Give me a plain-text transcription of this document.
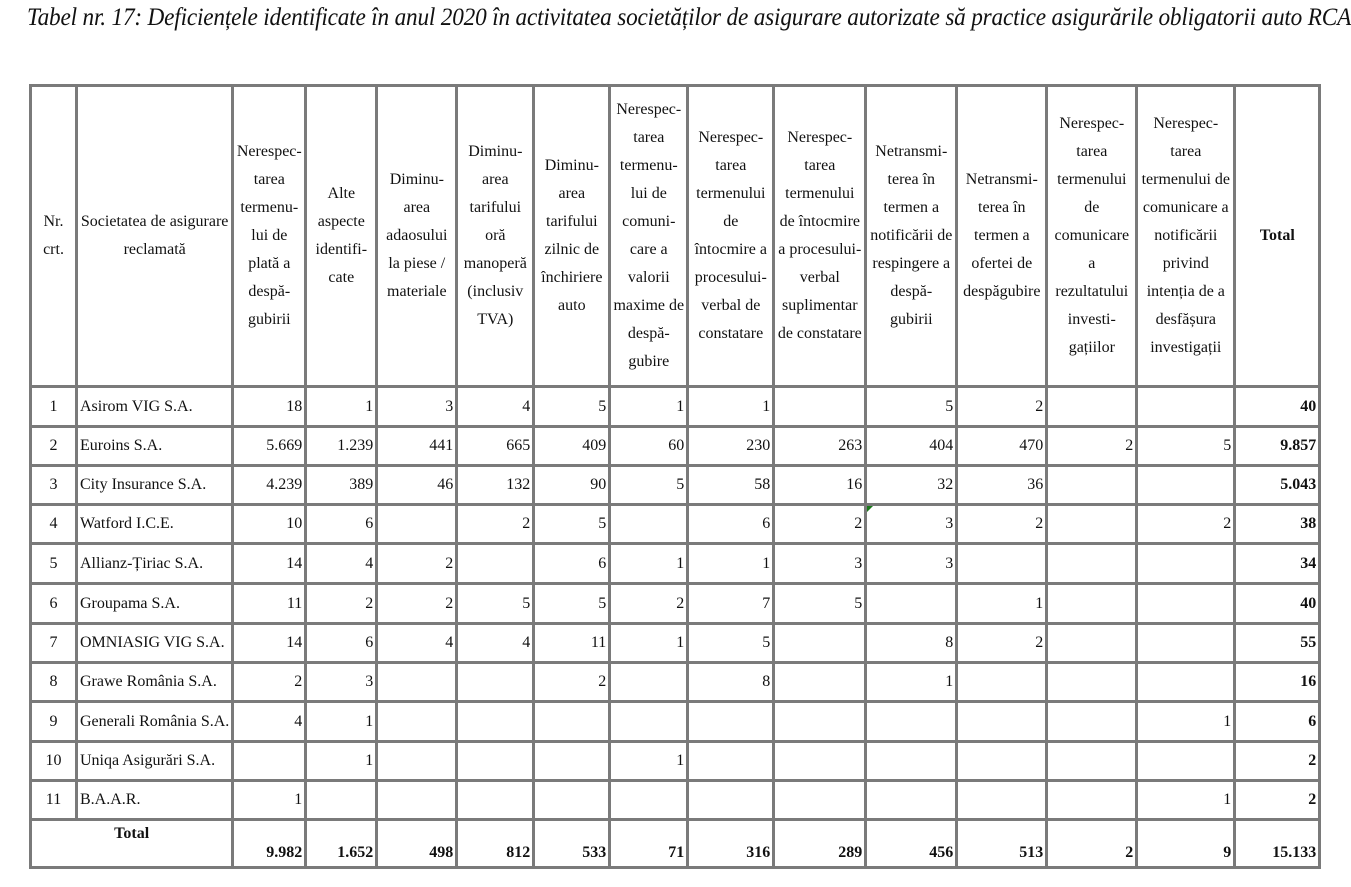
Tabel nr. 17: Deficiențele identificate în anul 2020 în activitatea societăților de asigurare autorizate să practice asigurările obligatorii auto RCA
Nr. crt.	Societatea de asigurare reclamată	Nerespec-tarea termenu-lui de plată a despă-gubirii	Alte aspecte identifi-cate	Diminu-area adaosului la piese / materiale	Diminu-area tarifului oră manoperă (inclusiv TVA)	Diminu-area tarifului zilnic de închiriere auto	Nerespec-tarea termenu-lui de comuni-care a valorii maxime de despă-gubire	Nerespec-tarea termenului de întocmire a procesului-verbal de constatare	Nerespec-tarea termenului de întocmire a procesului-verbal suplimentar de constatare	Netransmi-terea în termen a notificării de respingere a despă-gubirii	Netransmi-terea în termen a ofertei de despăgubire	Nerespec-tarea termenului de comunicare a rezultatului investi-gațiilor	Nerespec-tarea termenului de comunicare a notificării privind intenția de a desfășura investigații	Total
1	Asirom VIG S.A.	18	1	3	4	5	1	1		5	2			40
2	Euroins S.A.	5.669	1.239	441	665	409	60	230	263	404	470	2	5	9.857
3	City Insurance S.A.	4.239	389	46	132	90	5	58	16	32	36			5.043
4	Watford I.C.E.	10	6		2	5		6	2	3	2		2	38
5	Allianz-Țiriac S.A.	14	4	2		6	1	1	3	3				34
6	Groupama S.A.	11	2	2	5	5	2	7	5		1			40
7	OMNIASIG VIG S.A.	14	6	4	4	11	1	5		8	2			55
8	Grawe România S.A.	2	3			2		8		1				16
9	Generali România S.A.	4	1										1	6
10	Uniqa Asigurări S.A.		1				1							2
11	B.A.A.R.	1											1	2
Total		9.982	1.652	498	812	533	71	316	289	456	513	2	9	15.133
